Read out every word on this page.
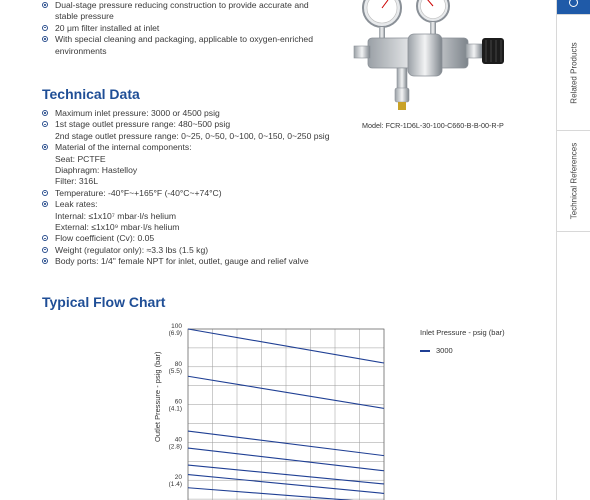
Dual-stage pressure reducing construction to provide accurate and stable pressure
20 μm filter installed at inlet
With special cleaning and packaging, applicable to oxygen-enriched environments
Model: FCR-1D6L-30-100-C660-B-B-00-R-P
Technical Data
Maximum inlet pressure: 3000 or 4500 psig
1st stage outlet pressure range: 480~500 psig
2nd stage outlet pressure range: 0~25, 0~50, 0~100, 0~150, 0~250 psig
Material of the internal components:
Seat: PCTFE
Diaphragm: Hastelloy
Filter: 316L
Temperature: -40°F~+165°F (-40°C~+74°C)
Leak rates:
Internal: ≤1x10⁷ mbar·l/s helium
External: ≤1x10⁹ mbar·l/s helium
Flow coefficient (Cv): 0.05
Weight (regulator only): ≈3.3 lbs (1.5 kg)
Body ports: 1/4" female NPT for inlet, outlet, gauge and relief valve
Typical Flow Chart
100
(6.9)
80
(5.5)
60
(4.1)
40
(2.8)
20
(1.4)
Outlet Pressure - psig (bar)
Inlet Pressure - psig (bar)
3000
Related Products
Technical References
